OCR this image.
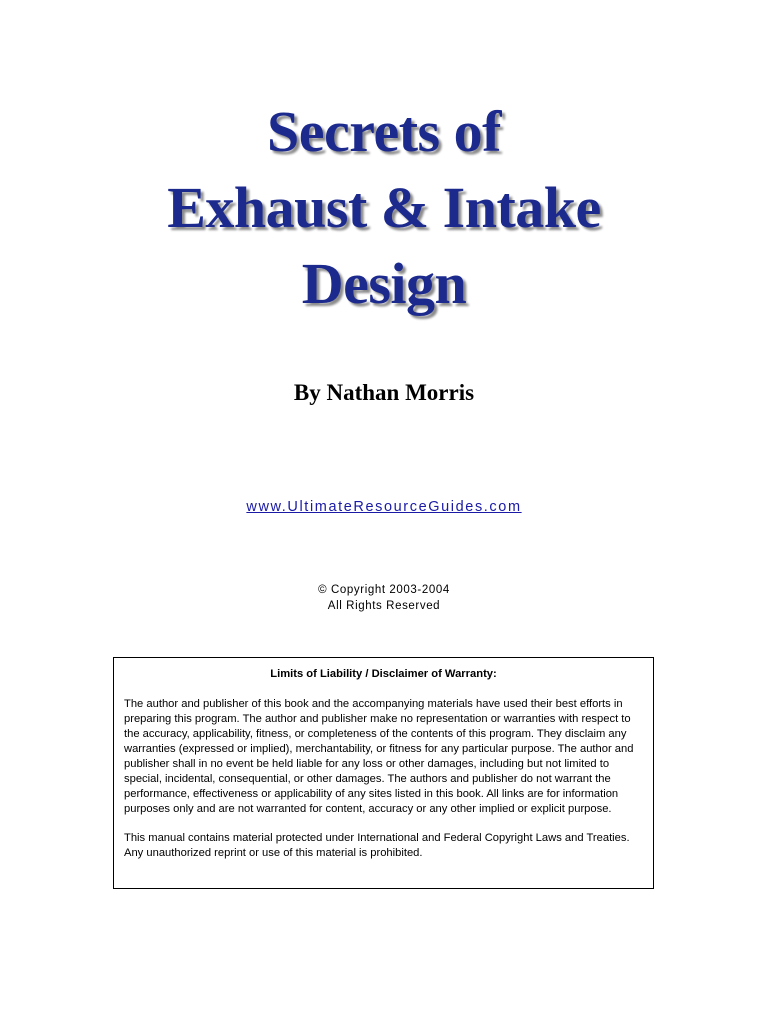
Secrets of
Exhaust & Intake
Design
By Nathan Morris
www.UltimateResourceGuides.com
© Copyright 2003-2004
All Rights Reserved
Limits of Liability / Disclaimer of Warranty:

The author and publisher of this book and the accompanying materials have used their best efforts in preparing this program. The author and publisher make no representation or warranties with respect to the accuracy, applicability, fitness, or completeness of the contents of this program. They disclaim any warranties (expressed or implied), merchantability, or fitness for any particular purpose. The author and publisher shall in no event be held liable for any loss or other damages, including but not limited to special, incidental, consequential, or other damages. The authors and publisher do not warrant the performance, effectiveness or applicability of any sites listed in this book. All links are for information purposes only and are not warranted for content, accuracy or any other implied or explicit purpose.

This manual contains material protected under International and Federal Copyright Laws and Treaties. Any unauthorized reprint or use of this material is prohibited.
